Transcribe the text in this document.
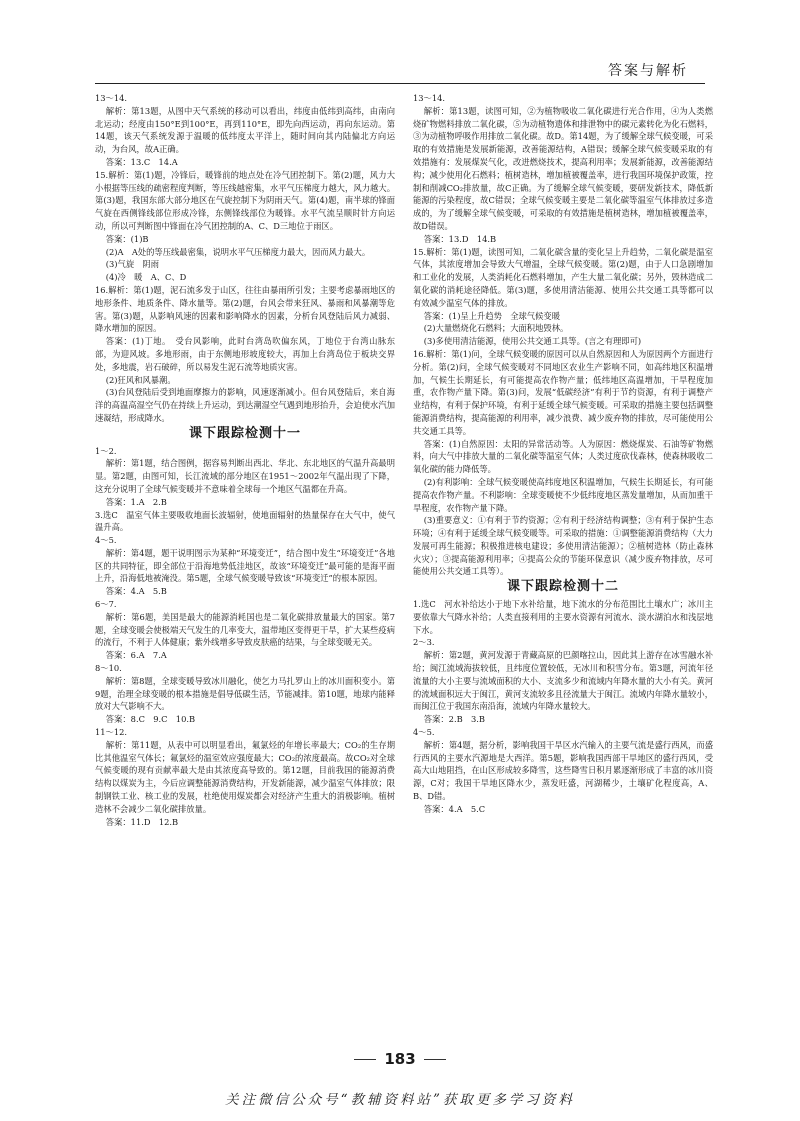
答案与解析

13～14.

解析：第13题，从图中天气系统的移动可以看出，纬度由低纬到高纬，由南向北运动；经度由150°E到100°E，再到110°E，即先向西运动，再向东运动。第14题，该天气系统发源于温暖的低纬度太平洋上，随时间向其内陆偏北方向运动，为台风，故A正确。

答案：13.C　14.A

15.解析：第(1)题，冷锋后，暖锋前的地点处在冷气团控制下。第(2)题，风力大小根据等压线的疏密程度判断，等压线越密集，水平气压梯度力越大，风力越大。第(3)题，我国东部大部分地区在气旋控制下为阴雨天气。第(4)题，南半球的锋面气旋在西侧锋线部位形成冷锋，东侧锋线部位为暖锋。水平气流呈顺时针方向运动，所以可判断图中锋面在冷气团控制的A、C、D三地位于雨区。

答案：(1)B

(2)A　A处的等压线最密集，说明水平气压梯度力最大，因而风力最大。

(3)气旋　阴雨

(4)冷　暖　A、C、D

16.解析：第(1)题，泥石流多发于山区，往往由暴雨所引发；主要考虑暴雨地区的地形条件、地质条件、降水量等。第(2)题，台风会带来狂风、暴雨和风暴潮等危害。第(3)题，从影响风速的因素和影响降水的因素，分析台风登陆后风力减弱、降水增加的原因。

答案：(1)丁地。　受台风影响，此时台湾岛吹偏东风，丁地位于台湾山脉东部，为迎风坡。多地形雨，由于东侧地形坡度较大，再加上台湾岛位于板块交界处，多地震，岩石破碎，所以易发生泥石流等地质灾害。

(2)狂风和风暴潮。

(3)台风登陆后受到地面摩擦力的影响，风速逐渐减小。但台风登陆后，来自海洋的高温高湿空气仍在持续上升运动，到达潮湿空气遇到地形抬升，会迫使水汽加速凝结，形成降水。

课下跟踪检测十一

1～2.

解析：第1题，结合图例，据容易判断出西北、华北、东北地区的气温升高最明显。第2题，由图可知，长江流域的部分地区在1951～2002年气温出现了下降，这充分说明了全球气候变暖并不意味着全球每一个地区气温都在升高。

答案：1.A　2.B

3.选C　温室气体主要吸收地面长波辐射，使地面辐射的热量保存在大气中，使气温升高。

4～5.

解析：第4题，题干说明图示为某种“环境变迁”，结合图中发生“环境变迁”各地区的共同特征，即全部位于沿海地势低洼地区，故该“环境变迁”最可能的是海平面上升，沿海低地被淹没。第5题，全球气候变暖导致该“环境变迁”的根本原因。

答案：4.A　5.B

6～7.

解析：第6题，美国是最大的能源消耗国也是二氧化碳排放量最大的国家。第7题，全球变暖会使极端天气发生的几率变大，温带地区变得更干旱，扩大某些疫病的流行，不利于人体健康；紫外线增多导致皮肤癌的结果，与全球变暖无关。

答案：6.A　7.A

8～10.

解析：第8题，全球变暖导致冰川融化，使乞力马扎罗山上的冰川面积变小。第9题，治理全球变暖的根本措施是倡导低碳生活，节能减排。第10题，地球内能释放对大气影响不大。

答案：8.C　9.C　10.B

11～12.

解析：第11题，从表中可以明显看出，氟氯烃的年增长率最大；CO₂的生存期比其他温室气体长；氟氯烃的温室效应强度最大；CO₂的浓度最高。故CO₂对全球气候变暖的现有贡献率最大是由其浓度高导致的。第12题，目前我国的能源消费结构以煤炭为主，今后应调整能源消费结构，开发新能源，减少温室气体排放；限制钢铁工业、核工业的发展，杜绝使用煤炭都会对经济产生重大的消极影响。植树造林不会减少二氧化碳排放量。

答案：11.D　12.B

13～14.

解析：第13题，读图可知，②为植物吸收二氧化碳进行光合作用，④为人类燃烧矿物燃料排放二氧化碳，⑤为动植物遗体和排泄物中的碳元素转化为化石燃料，③为动植物呼吸作用排放二氧化碳。故D。第14题，为了缓解全球气候变暖，可采取的有效措施是发展新能源，改善能源结构，A错误；缓解全球气候变暖采取的有效措施有：发展煤炭气化，改进燃烧技术，提高利用率；发展新能源，改善能源结构；减少使用化石燃料；植树造林，增加植被覆盖率，进行我国环境保护政策，控制和削减CO₂排放量，故C正确。为了缓解全球气候变暖，要研发新技术，降低新能源的污染程度，故C错误；全球气候变暖主要是二氧化碳等温室气体排放过多造成的，为了缓解全球气候变暖，可采取的有效措施是植树造林，增加植被覆盖率，故D错误。

答案：13.D　14.B

15.解析：第(1)题，读图可知，二氧化碳含量的变化呈上升趋势，二氧化碳是温室气体，其浓度增加会导致大气增温，全球气候变暖。第(2)题，由于人口急剧增加和工业化的发展，人类消耗化石燃料增加，产生大量二氧化碳；另外，毁林造成二氧化碳的消耗途径降低。第(3)题，多使用清洁能源、使用公共交通工具等都可以有效减少温室气体的排放。

答案：(1)呈上升趋势　全球气候变暖

(2)大量燃烧化石燃料；大面积地毁林。

(3)多使用清洁能源，使用公共交通工具等。(言之有理即可)

16.解析：第(1)问，全球气候变暖的原因可以从自然原因和人为原因两个方面进行分析。第(2)问，全球气候变暖对不同地区农业生产影响不同，如高纬地区积温增加，气候生长期延长，有可能提高农作物产量；低纬地区高温增加，干旱程度加重，农作物产量下降。第(3)问，发展“低碳经济”有利于节约资源，有利于调整产业结构，有利于保护环境，有利于延缓全球气候变暖。可采取的措施主要包括调整能源消费结构，提高能源的利用率，减少浪费、减少废弃物的排放，尽可能使用公共交通工具等。

答案：(1)自然原因：太阳的异常活动等。人为原因：燃烧煤炭、石油等矿物燃料，向大气中排放大量的二氧化碳等温室气体；人类过度砍伐森林，使森林吸收二氧化碳的能力降低等。

(2)有利影响：全球气候变暖使高纬度地区积温增加，气候生长期延长，有可能提高农作物产量。不利影响：全球变暖使不少低纬度地区蒸发量增加，从而加重干旱程度，农作物产量下降。

(3)重要意义：①有利于节约资源；②有利于经济结构调整；③有利于保护生态环境；④有利于延缓全球气候变暖等。可采取的措施：①调整能源消费结构（大力发展可再生能源；积极推进核电建设；多使用清洁能源）；②植树造林（防止森林火灾）；③提高能源利用率；④提高公众的节能环保意识（减少废弃物排放，尽可能使用公共交通工具等）。

课下跟踪检测十二

1.选C　河水补给达小于地下水补给量，地下流水的分布范围比土壤水广；冰川主要依靠大气降水补给；人类直接利用的主要水资源有河流水、淡水湖泊水和浅层地下水。

2～3.

解析：第2题，黄河发源于青藏高原的巴颜喀拉山，因此其上游存在冰雪融水补给；闽江流域海拔较低，且纬度位置较低，无冰川和积雪分布。第3题，河流年径流量的大小主要与流域面积的大小、支流多少和流域内年降水量的大小有关。黄河的流域面积远大于闽江，黄河支流较多且径流量大于闽江。流域内年降水量较小，而闽江位于我国东南沿海，流域内年降水量较大。

答案：2.B　3.B

4～5.

解析：第4题，据分析，影响我国干旱区水汽输入的主要气流是盛行西风，而盛行西风的主要水汽源地是大西洋。第5题，影响我国西部干旱地区的盛行西风，受高大山地阻挡，在山区形成较多降雪，这些降雪日积月累逐渐形成了丰富的冰川资源，C对；我国干旱地区降水少，蒸发旺盛，河湖稀少，土壤矿化程度高，A、B、D错。

答案：4.A　5.C

183
关注微信公众号“教辅资料站”获取更多学习资料
